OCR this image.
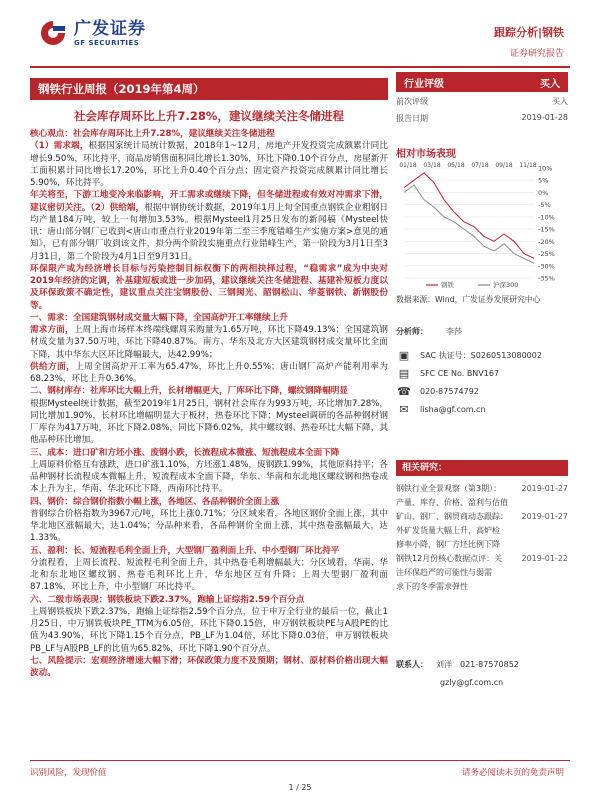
广发证券
GF SECURITIES
跟踪分析|钢铁
证券研究报告
钢铁行业周报（2019年第4周）
社会库存周环比上升7.28%，建议继续关注冬储进程

核心观点：社会库存周环比上升7.28%，建议继续关注冬储进程

（1）需求端，根据国家统计局统计数据，2018年1~12月，房地产开发投资完成额累计同比增长9.50%，环比持平，商品房销售面积同比增长1.30%，环比下降0.10个百分点，房屋新开工面积累计同比增长17.20%，环比上升0.40个百分点；固定资产投资完成额累计同比增长5.90%，环比持平。

年关将至，下游工地变冷来临影响，开工需求或继续下降，但冬储进程或有效对冲需求下滑，建议密切关注。（2）供给端，根据中钢协统计数据，2019年1月上旬全国重点钢铁企业粗钢日均产量184万吨，较上一旬增加3.53%。根据Mysteel1月25日发布的新闻稿《Mysteel快讯：唐山部分钢厂已收到<唐山市重点行业2019年第二至三季度错峰生产实施方案>意见的通知》，已有部分钢厂收到该文件，拟分两个阶段实施重点行业错峰生产，第一阶段为3月1日至3月31日，第二个阶段为4月1日至9月31日。

环保限产或为经济增长目标与污染控制目标权衡下的两相抉择过程，“稳需求”成为中央对2019年经济的定调，补基建短板或进一步加码，建议继续关注冬储进程、基建补短板力度以及环保政策不确定性，建议重点关注宝钢股份、三钢闽光、韶钢松山、华菱钢铁、新钢股份等。

一、需求：全国建筑钢材成交量大幅下降，全国高炉开工率继续上升

需求方面，上周上海市场样本终端线螺周采购量为1.65万吨，环比下降49.13%；全国建筑钢材成交量为37.50万吨，环比下降40.87%。南方、华东及北方大区建筑钢材成交量环比全面下降，其中华东大区环比降幅最大，达42.99%；

供给方面，上周全国高炉开工率为65.47%，环比上升0.55%；唐山钢厂高炉产能利用率为68.23%，环比上升0.36%。

二、钢材库存：社库环比大幅上升，长材增幅更大，厂库环比下降，螺纹钢降幅明显

根据Mysteel统计数据，截至2019年1月25日，钢材社会库存为993万吨，环比增加7.28%，同比增加1.90%，长材环比增幅明显大于板材，热卷环比下降；Mysteel调研的各品种钢材钢厂库存为417万吨，环比下降2.08%，同比下降6.02%，其中螺纹钢、热卷环比大幅下降，其他品种环比增加。

三、成本：进口矿和方坯小涨、废钢小跌，长流程成本微涨、短流程成本全面下降

上周原料价格互有涨跌，进口矿涨1.10%，方坯涨1.48%，废钢跌1.99%，其他原料持平；各品种钢材长流程成本微幅上升，短流程成本全面下降，华东、华南和东北地区螺纹钢和热卷成本上升为主，华南、华北环比下降，西南环比持平。

四、钢价：综合钢价指数小幅上涨，各地区、各品种钢价全面上涨

普钢综合价格指数为3967元/吨，环比上涨0.71%；分区域来看，各地区钢价全面上涨，其中华北地区涨幅最大，达1.04%；分品种来看，各品种钢价全面上涨，其中热卷涨幅最大，达1.33%。

五、盈利：长、短流程毛利全面上升，大型钢厂盈利面上升、中小型钢厂环比持平

分流程看，上周长流程、短流程毛利全面上升，其中热卷毛利增幅最大；分区域看，华南、华北和东北地区螺纹钢、热卷毛利环比上升，华东地区互有升降；上周大型钢厂盈利面87.18%，环比上升，中小型钢厂环比持平。

六、二级市场表现：钢铁板块下跌2.37%，跑输上证综指2.59个百分点

上周钢铁板块下跌2.37%，跑输上证综指2.59个百分点，位于申万全行业的最后一位，截止1月25日，中万钢铁板块PE_TTM为6.05倍，环比下降0.15倍，申万钢铁板块PE与A股PE的比值为43.90%，环比下降1.15个百分点，PB_LF为1.04倍，环比下降0.03倍，申万钢铁板块PB_LF与A股PB_LF的比值为65.82%，环比下降1.90个百分点。

七、风险提示：宏观经济增速大幅下滑；环保政策力度不及预期；钢材、原材料价格出现大幅波动。

行业评级	买入
前次评级	买入
报告日期	2019-01-28
相对市场表现
10%
5%
0%
-5%
-10%
-15%
-20%
-25%
-30%
-35%
01/18 03/18 05/18 07/18 09/18 11/18
钢铁	沪深300
数据来源：Wind，广发证券发展研究中心
分析师： 李莎
▣	SAC 执证号：S0260513080002
▤	SFC CE No. BNV167
☎ 020-87574792
✉	lisha@gf.com.cn
相关研究：
钢铁行业全景观察（第3期）：	2019-01-27
产量、库存、价格、盈利与估值
矿山、钢厂、钢贸商动态跟踪： 2019-01-27
外矿发货量大幅上升，高炉检
修率小降，钢厂方坯比例下降
钢铁12月份核心数据点评：关 2019-01-22
注环保趋严的可能性与弱需
求下的冬季需求弹性
联系人： 刘洋 021-87570852
gzly@gf.com.cn
识别风险，发现价值	请务必阅读末页的免责声明
1 / 25
